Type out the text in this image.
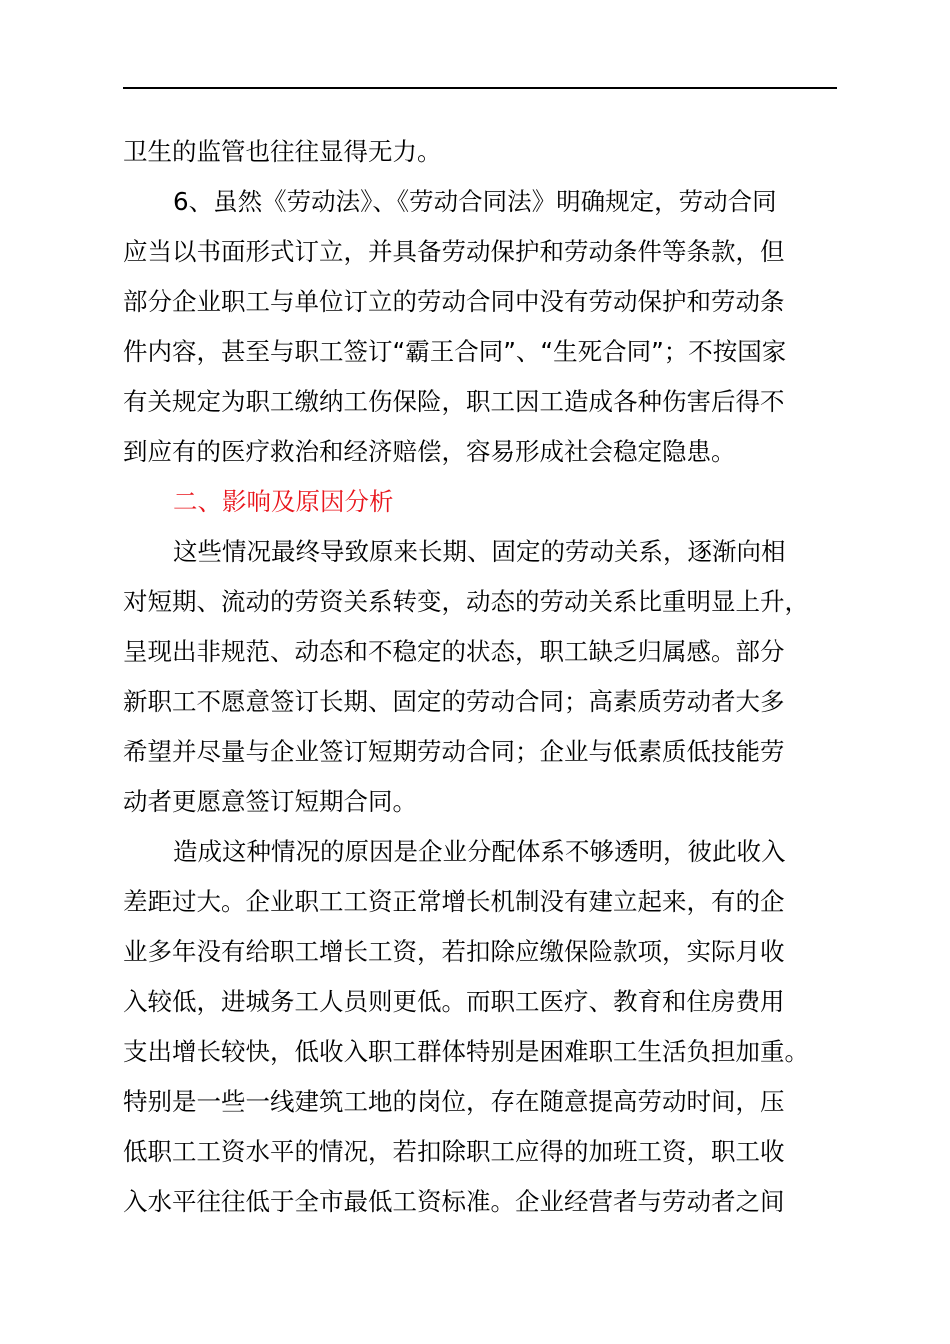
卫生的监管也往往显得无力。
6、虽然《劳动法》、《劳动合同法》明确规定，劳动合同
应当以书面形式订立，并具备劳动保护和劳动条件等条款，但
部分企业职工与单位订立的劳动合同中没有劳动保护和劳动条
件内容，甚至与职工签订“霸王合同”、“生死合同”；不按国家
有关规定为职工缴纳工伤保险，职工因工造成各种伤害后得不
到应有的医疗救治和经济赔偿，容易形成社会稳定隐患。
二、影响及原因分析
这些情况最终导致原来长期、固定的劳动关系，逐渐向相
对短期、流动的劳资关系转变，动态的劳动关系比重明显上升，
呈现出非规范、动态和不稳定的状态，职工缺乏归属感。部分
新职工不愿意签订长期、固定的劳动合同；高素质劳动者大多
希望并尽量与企业签订短期劳动合同；企业与低素质低技能劳
动者更愿意签订短期合同。
造成这种情况的原因是企业分配体系不够透明，彼此收入
差距过大。企业职工工资正常增长机制没有建立起来，有的企
业多年没有给职工增长工资，若扣除应缴保险款项，实际月收
入较低，进城务工人员则更低。而职工医疗、教育和住房费用
支出增长较快，低收入职工群体特别是困难职工生活负担加重。
特别是一些一线建筑工地的岗位，存在随意提高劳动时间，压
低职工工资水平的情况，若扣除职工应得的加班工资，职工收
入水平往往低于全市最低工资标准。企业经营者与劳动者之间
